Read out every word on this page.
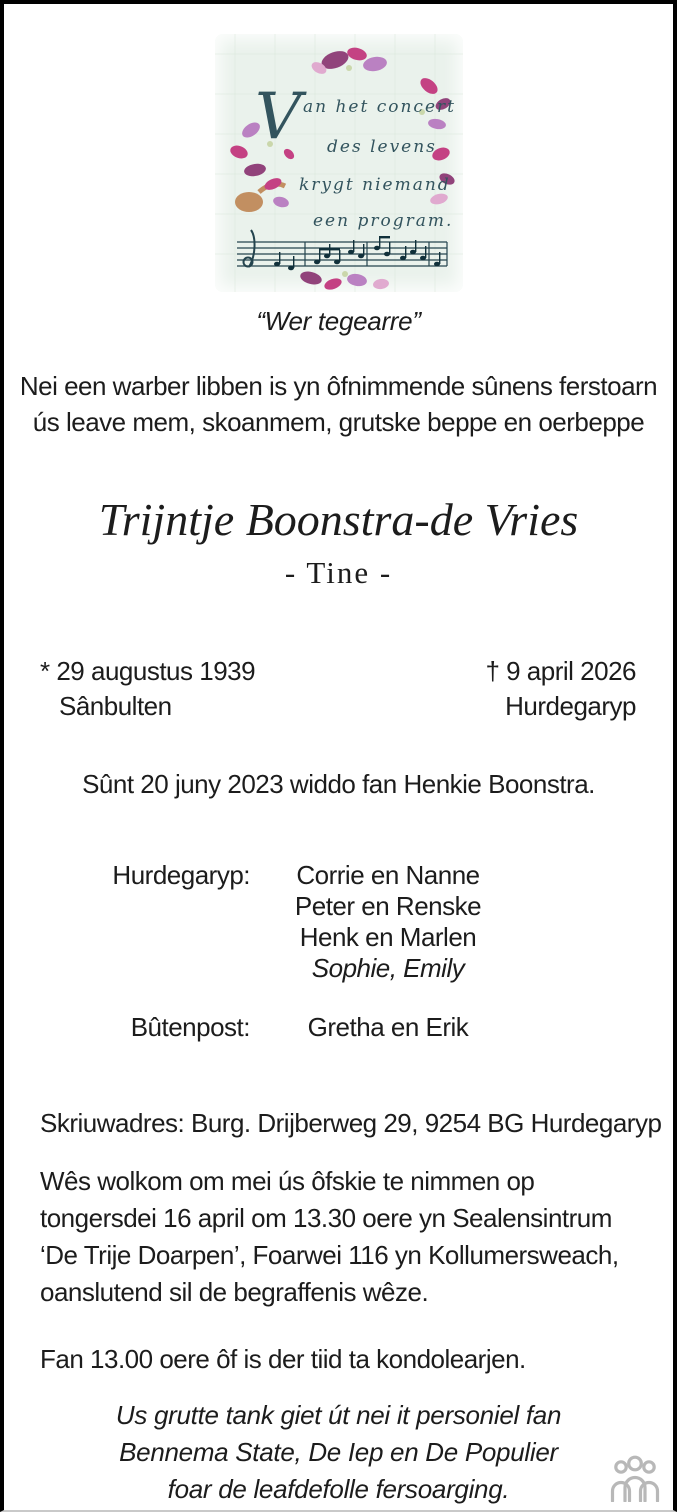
V an het concert
des levens
krygt niemand
een program.
“Wer tegearre”
Nei een warber libben is yn ôfnimmende sûnens ferstoarn
ús leave mem, skoanmem, grutske beppe en oerbeppe
Trijntje Boonstra-de Vries
- Tine -
* 29 augustus 1939
Sânbulten
† 9 april 2026
Hurdegaryp
Sûnt 20 juny 2023 widdo fan Henkie Boonstra.
Hurdegaryp:	Corrie en Nanne
Peter en Renske
Henk en Marlen
Sophie, Emily
Bûtenpost:	Gretha en Erik
Skriuwadres: Burg. Drijberweg 29, 9254 BG Hurdegaryp
Wês wolkom om mei ús ôfskie te nimmen op
tongersdei 16 april om 13.30 oere yn Sealensintrum
‘De Trije Doarpen’, Foarwei 116 yn Kollumersweach,
oanslutend sil de begraffenis wêze.
Fan 13.00 oere ôf is der tiid ta kondolearjen.
Us grutte tank giet út nei it personiel fan
Bennema State, De Iep en De Populier
foar de leafdefolle fersoarging.
